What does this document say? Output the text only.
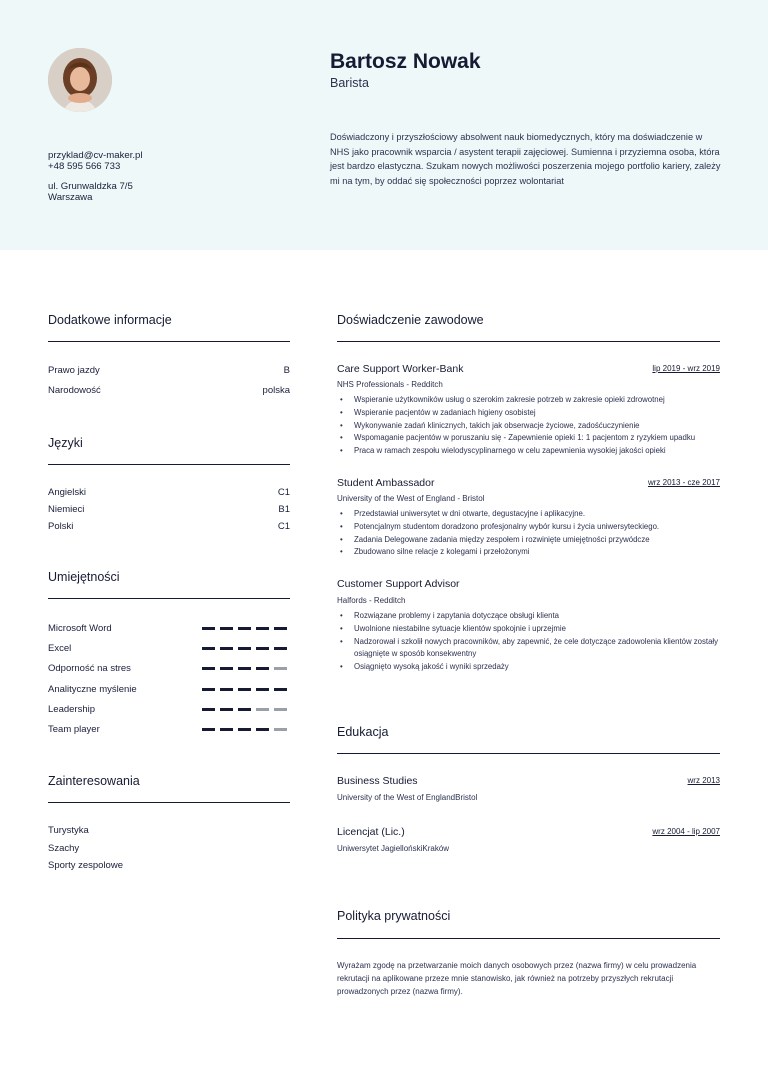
Bartosz Nowak
Barista
Doświadczony i przyszłościowy absolwent nauk biomedycznych, który ma doświadczenie w NHS jako pracownik wsparcia / asystent terapii zajęciowej. Sumienna i przyziemna osoba, która jest bardzo elastyczna. Szukam nowych możliwości poszerzenia mojego portfolio kariery, zależy mi na tym, by oddać się społeczności poprzez wolontariat
przyklad@cv-maker.pl
+48 595 566 733
ul. Grunwaldzka 7/5
Warszawa
Dodatkowe informacje
Prawo jazdy	B
Narodowość	polska
Języki
Angielski	C1
Niemieci	B1
Polski	C1
Umiejętności
Microsoft Word
Excel
Odporność na stres
Analityczne myślenie
Leadership
Team player
Zainteresowania
Turystyka
Szachy
Sporty zespolowe
Doświadczenie zawodowe
Care Support Worker-Bank	lip 2019 - wrz 2019
NHS Professionals - Redditch
• Wspieranie użytkowników usług o szerokim zakresie potrzeb w zakresie opieki zdrowotnej
• Wspieranie pacjentów w zadaniach higieny osobistej
• Wykonywanie zadań klinicznych, takich jak obserwacje życiowe, zadośćuczynienie
• Wspomaganie pacjentów w poruszaniu się - Zapewnienie opieki 1: 1 pacjentom z ryzykiem upadku
• Praca w ramach zespołu wielodyscyplinarnego w celu zapewnienia wysokiej jakości opieki
Student Ambassador	wrz 2013 - cze 2017
University of the West of England - Bristol
• Przedstawiał uniwersytet w dni otwarte, degustacyjne i aplikacyjne.
• Potencjalnym studentom doradzono profesjonalny wybór kursu i życia uniwersyteckiego.
• Zadania Delegowane zadania między zespołem i rozwinięte umiejętności przywódcze
• Zbudowano silne relacje z kolegami i przełożonymi
Customer Support Advisor
Halfords - Redditch
• Rozwiązane problemy i zapytania dotyczące obsługi klienta
• Uwolnione niestabilne sytuacje klientów spokojnie i uprzejmie
• Nadzorował i szkolił nowych pracowników, aby zapewnić, że cele dotyczące zadowolenia klientów zostały osiągnięte w sposób konsekwentny
• Osiągnięto wysoką jakość i wyniki sprzedaży
Edukacja
Business Studies	wrz 2013
University of the West of EnglandBristol
Licencjat (Lic.)	wrz 2004 - lip 2007
Uniwersytet JagiellońskiKraków
Polityka prywatności
Wyrażam zgodę na przetwarzanie moich danych osobowych przez (nazwa firmy) w celu prowadzenia rekrutacji na aplikowane przeze mnie stanowisko, jak również na potrzeby przyszłych rekrutacji prowadzonych przez (nazwa firmy).
